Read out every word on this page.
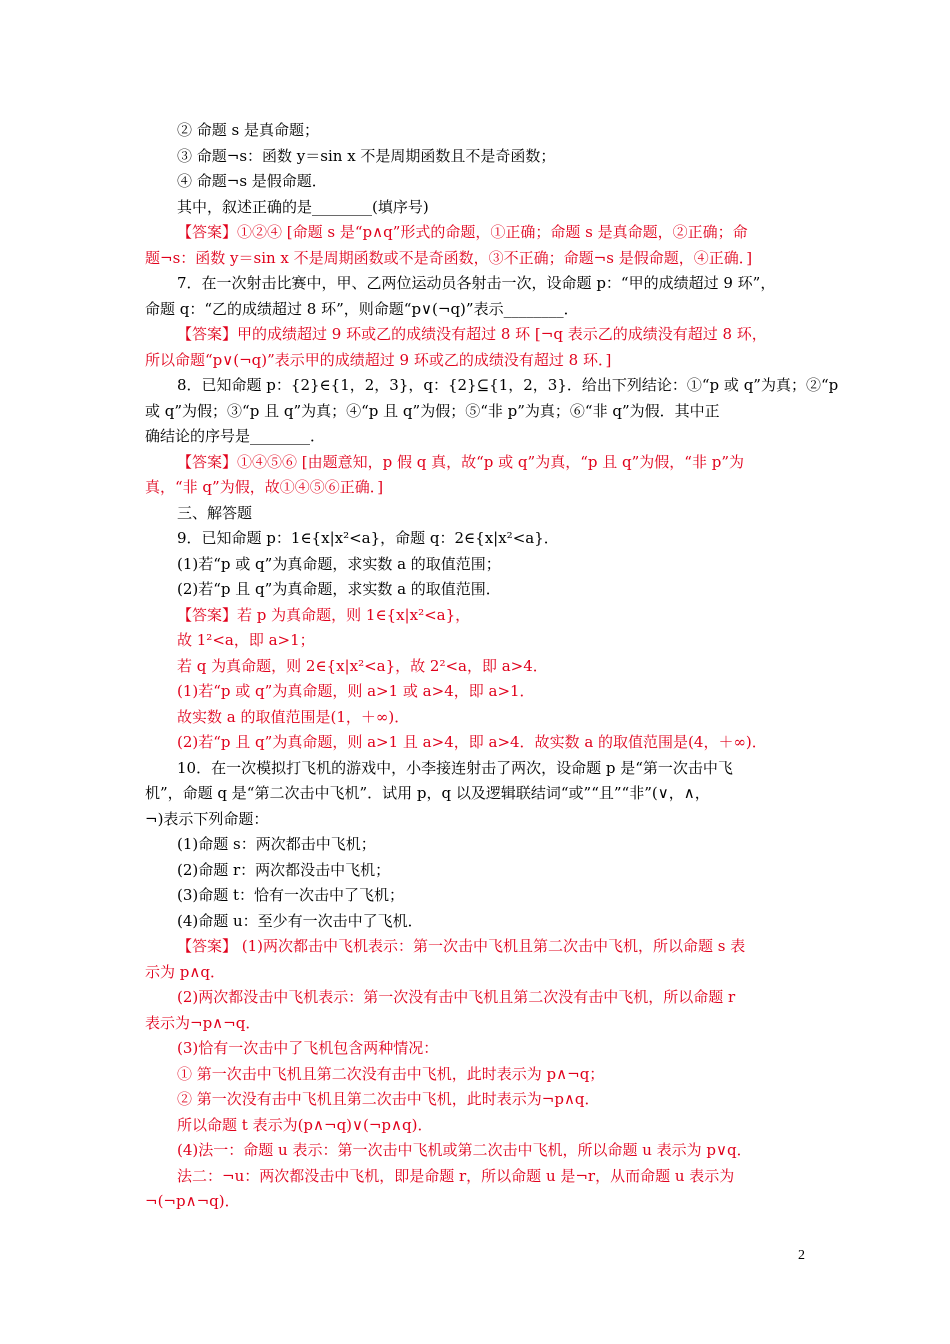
② 命题 s 是真命题；
③ 命题¬s：函数 y＝sin x 不是周期函数且不是奇函数；
④ 命题¬s 是假命题．
其中，叙述正确的是________(填序号)
【答案】①②④ [命题 s 是“p∧q”形式的命题，①正确；命题 s 是真命题，②正确；命
题¬s：函数 y＝sin x 不是周期函数或不是奇函数，③不正确；命题¬s 是假命题，④正确．]
7．在一次射击比赛中，甲、乙两位运动员各射击一次，设命题 p：“甲的成绩超过 9 环”，
命题 q：“乙的成绩超过 8 环”，则命题“p∨(¬q)”表示________．
【答案】甲的成绩超过 9 环或乙的成绩没有超过 8 环 [¬q 表示乙的成绩没有超过 8 环，
所以命题“p∨(¬q)”表示甲的成绩超过 9 环或乙的成绩没有超过 8 环．]
8．已知命题 p：{2}∈{1，2，3}，q：{2}⊆{1，2，3}．给出下列结论：①“p 或 q”为真；②“p
或 q”为假；③“p 且 q”为真；④“p 且 q”为假；⑤“非 p”为真；⑥“非 q”为假．其中正
确结论的序号是________．
【答案】①④⑤⑥ [由题意知，p 假 q 真，故“p 或 q”为真，“p 且 q”为假，“非 p”为
真，“非 q”为假，故①④⑤⑥正确．]
三、解答题
9．已知命题 p：1∈{x|x²<a}，命题 q：2∈{x|x²<a}．
(1)若“p 或 q”为真命题，求实数 a 的取值范围；
(2)若“p 且 q”为真命题，求实数 a 的取值范围．
【答案】若 p 为真命题，则 1∈{x|x²<a}，
故 1²<a，即 a>1；
若 q 为真命题，则 2∈{x|x²<a}，故 2²<a，即 a>4．
(1)若“p 或 q”为真命题，则 a>1 或 a>4，即 a>1．
故实数 a 的取值范围是(1，＋∞)．
(2)若“p 且 q”为真命题，则 a>1 且 a>4，即 a>4．故实数 a 的取值范围是(4，＋∞)．
10．在一次模拟打飞机的游戏中，小李接连射击了两次，设命题 p 是“第一次击中飞
机”，命题 q 是“第二次击中飞机”．试用 p，q 以及逻辑联结词“或”“且”“非”(∨，∧，
¬)表示下列命题：
(1)命题 s：两次都击中飞机；
(2)命题 r：两次都没击中飞机；
(3)命题 t：恰有一次击中了飞机；
(4)命题 u：至少有一次击中了飞机．
【答案】 (1)两次都击中飞机表示：第一次击中飞机且第二次击中飞机，所以命题 s 表
示为 p∧q．
(2)两次都没击中飞机表示：第一次没有击中飞机且第二次没有击中飞机，所以命题 r
表示为¬p∧¬q．
(3)恰有一次击中了飞机包含两种情况：
① 第一次击中飞机且第二次没有击中飞机，此时表示为 p∧¬q；
② 第一次没有击中飞机且第二次击中飞机，此时表示为¬p∧q．
所以命题 t 表示为(p∧¬q)∨(¬p∧q)．
(4)法一：命题 u 表示：第一次击中飞机或第二次击中飞机，所以命题 u 表示为 p∨q．
法二：¬u：两次都没击中飞机，即是命题 r，所以命题 u 是¬r，从而命题 u 表示为
¬(¬p∧¬q)．
2
